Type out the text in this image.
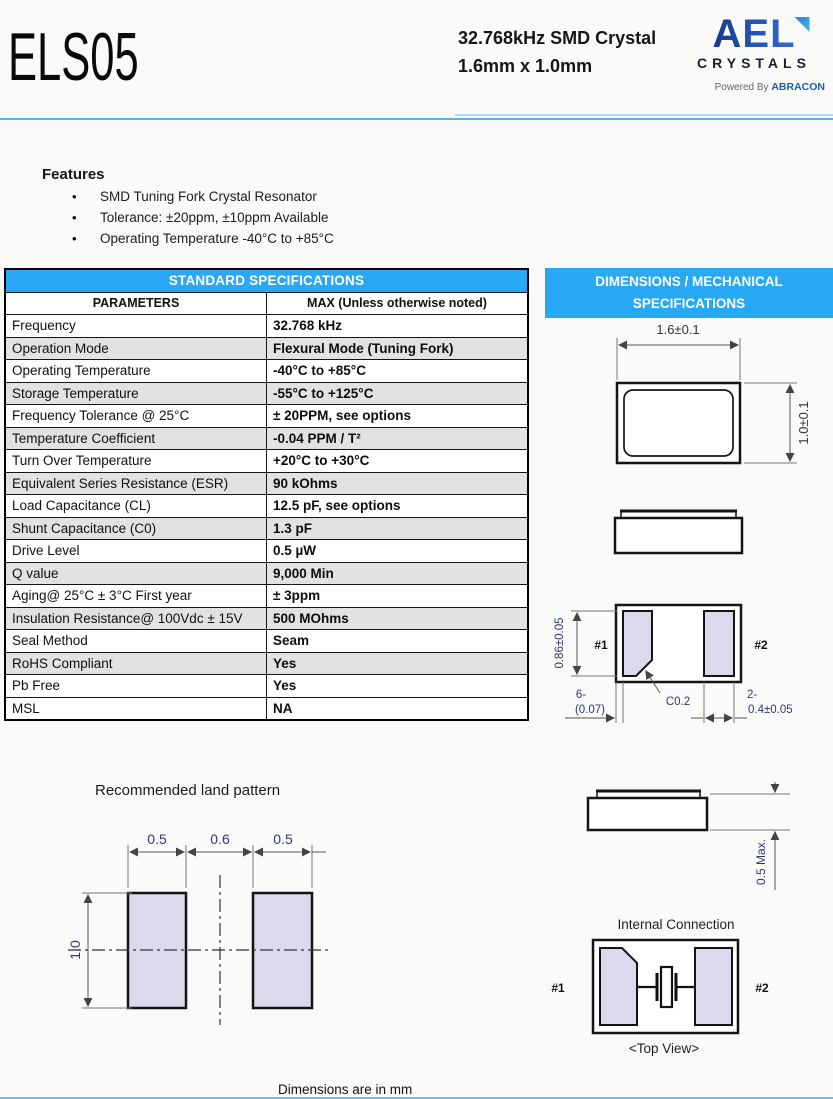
ELS05	32.768kHz SMD Crystal
1.6mm x 1.0mm
AEL
CRYSTALS
Powered By ABRACON
Features
•	SMD Tuning Fork Crystal Resonator
•	Tolerance: ±20ppm, ±10ppm Available
•	Operating Temperature -40°C to +85°C
STANDARD SPECIFICATIONS	
PARAMETERS	MAX (Unless otherwise noted)
Frequency	32.768 kHz
Operation Mode	Flexural Mode (Tuning Fork)
Operating Temperature	-40°C to +85°C
Storage Temperature	-55°C to +125°C
Frequency Tolerance @ 25°C	± 20PPM, see options
Temperature Coefficient	-0.04 PPM / T²
Turn Over Temperature	+20°C to +30°C
Equivalent Series Resistance (ESR)	90 kOhms
Load Capacitance (CL)	12.5 pF, see options
Shunt Capacitance (C0)	1.3 pF
Drive Level	0.5 µW
Q value	9,000 Min
Aging@ 25°C ± 3°C First year	± 3ppm
Insulation Resistance@ 100Vdc ± 15V	500 MOhms
Seal Method	Seam
RoHS Compliant	Yes
Pb Free	Yes
MSL	NA
DIMENSIONS / MECHANICAL
SPECIFICATIONS
1.6±0.1
1.0±0.1
#1	#2
0.86±0.05
6-
(0.07)
C0.2
2-
0.4±0.05
0.5 Max.
Internal Connection
#1	#2
<Top View>
Recommended land pattern
0.5	0.6	0.5
1.0
Dimensions are in mm
